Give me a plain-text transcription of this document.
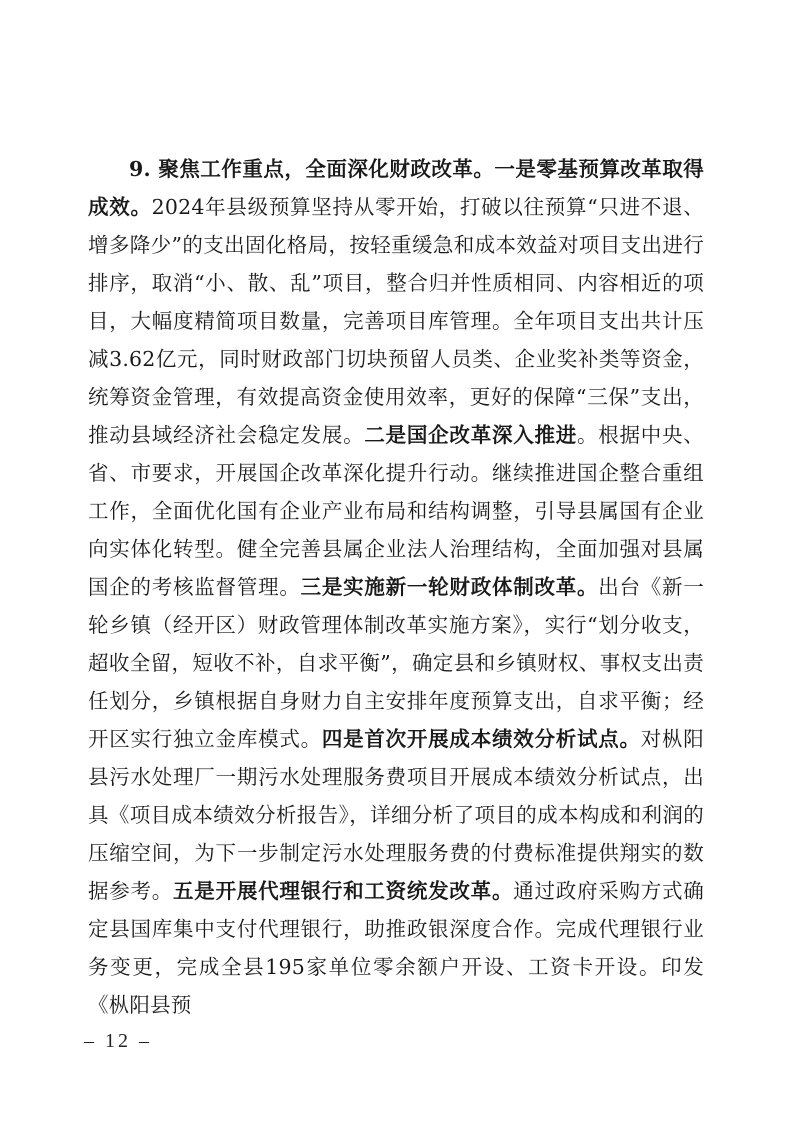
9. 聚焦工作重点，全面深化财政改革。一是零基预算改革取得成效。2024年县级预算坚持从零开始，打破以往预算“只进不退、增多降少”的支出固化格局，按轻重缓急和成本效益对项目支出进行排序，取消“小、散、乱”项目，整合归并性质相同、内容相近的项目，大幅度精简项目数量，完善项目库管理。全年项目支出共计压减3.62亿元，同时财政部门切块预留人员类、企业奖补类等资金，统筹资金管理，有效提高资金使用效率，更好的保障“三保”支出，推动县域经济社会稳定发展。二是国企改革深入推进。根据中央、省、市要求，开展国企改革深化提升行动。继续推进国企整合重组工作，全面优化国有企业产业布局和结构调整，引导县属国有企业向实体化转型。健全完善县属企业法人治理结构，全面加强对县属国企的考核监督管理。三是实施新一轮财政体制改革。出台《新一轮乡镇（经开区）财政管理体制改革实施方案》，实行“划分收支，超收全留，短收不补，自求平衡”，确定县和乡镇财权、事权支出责任划分，乡镇根据自身财力自主安排年度预算支出，自求平衡；经开区实行独立金库模式。四是首次开展成本绩效分析试点。对枞阳县污水处理厂一期污水处理服务费项目开展成本绩效分析试点，出具《项目成本绩效分析报告》，详细分析了项目的成本构成和利润的压缩空间，为下一步制定污水处理服务费的付费标准提供翔实的数据参考。五是开展代理银行和工资统发改革。通过政府采购方式确定县国库集中支付代理银行，助推政银深度合作。完成代理银行业务变更，完成全县195家单位零余额户开设、工资卡开设。印发《枞阳县预

– 12 –
